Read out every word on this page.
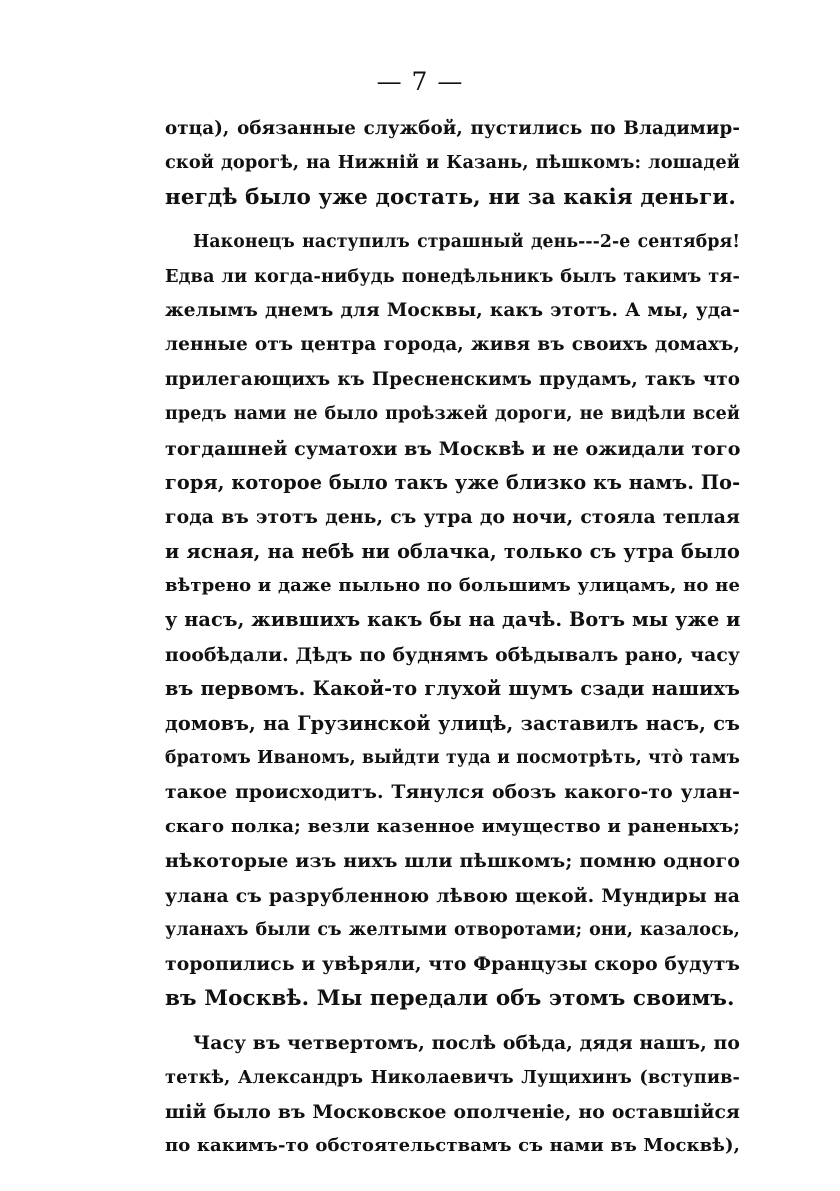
— 7 —
отца), обязанные службой, пустились по Владимир-
ской дорогѣ, на Нижній и Казань, пѣшкомъ: лошадей
негдѣ было уже достать, ни за какія деньги.
Наконецъ наступилъ страшный день---2-е сентября!
Едва ли когда-нибудь понедѣльникъ былъ такимъ тя-
желымъ днемъ для Москвы, какъ этотъ. А мы, уда-
ленные отъ центра города, живя въ своихъ домахъ,
прилегающихъ къ Пресненскимъ прудамъ, такъ что
предъ нами не было проѣзжей дороги, не видѣли всей
тогдашней суматохи въ Москвѣ и не ожидали того
горя, которое было такъ уже близко къ намъ. По-
года въ этотъ день, съ утра до ночи, стояла теплая
и ясная, на небѣ ни облачка, только съ утра было
вѣтрено и даже пыльно по большимъ улицамъ, но не
у насъ, жившихъ какъ бы на дачѣ. Вотъ мы уже и
пообѣдали. Дѣдъ по буднямъ обѣдывалъ рано, часу
въ первомъ. Какой-то глухой шумъ сзади нашихъ
домовъ, на Грузинской улицѣ, заставилъ насъ, съ
братомъ Иваномъ, выйдти туда и посмотрѣть, что̀ тамъ
такое происходитъ. Тянулся обозъ какого-то улан-
скаго полка; везли казенное имущество и раненыхъ;
нѣкоторые изъ нихъ шли пѣшкомъ; помню одного
улана съ разрубленною лѣвою щекой. Мундиры на
уланахъ были съ желтыми отворотами; они, казалось,
торопились и увѣряли, что Французы скоро будутъ
въ Москвѣ. Мы передали объ этомъ своимъ.
Часу въ четвертомъ, послѣ обѣда, дядя нашъ, по
теткѣ, Александръ Николаевичъ Лущихинъ (вступив-
шій было въ Московское ополченіе, но оставшійся
по какимъ-то обстоятельствамъ съ нами въ Москвѣ),
